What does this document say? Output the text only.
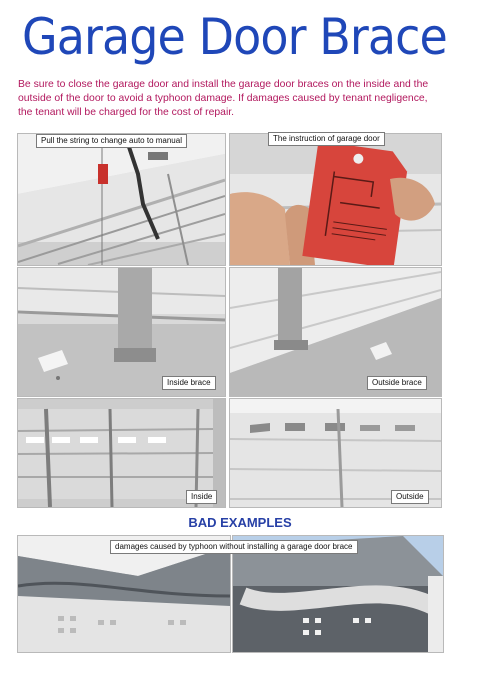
Garage Door Brace
Be sure to close the garage door and install the garage door braces on the inside and the outside of the door to avoid a typhoon damage. If damages caused by tenant negligence, the tenant will be charged for the cost of repair.
Pull the string to change auto to manual	The instruction of garage door
Inside brace	Outside brace
Inside	Outside
BAD EXAMPLES
damages caused by typhoon without installing a garage door brace
